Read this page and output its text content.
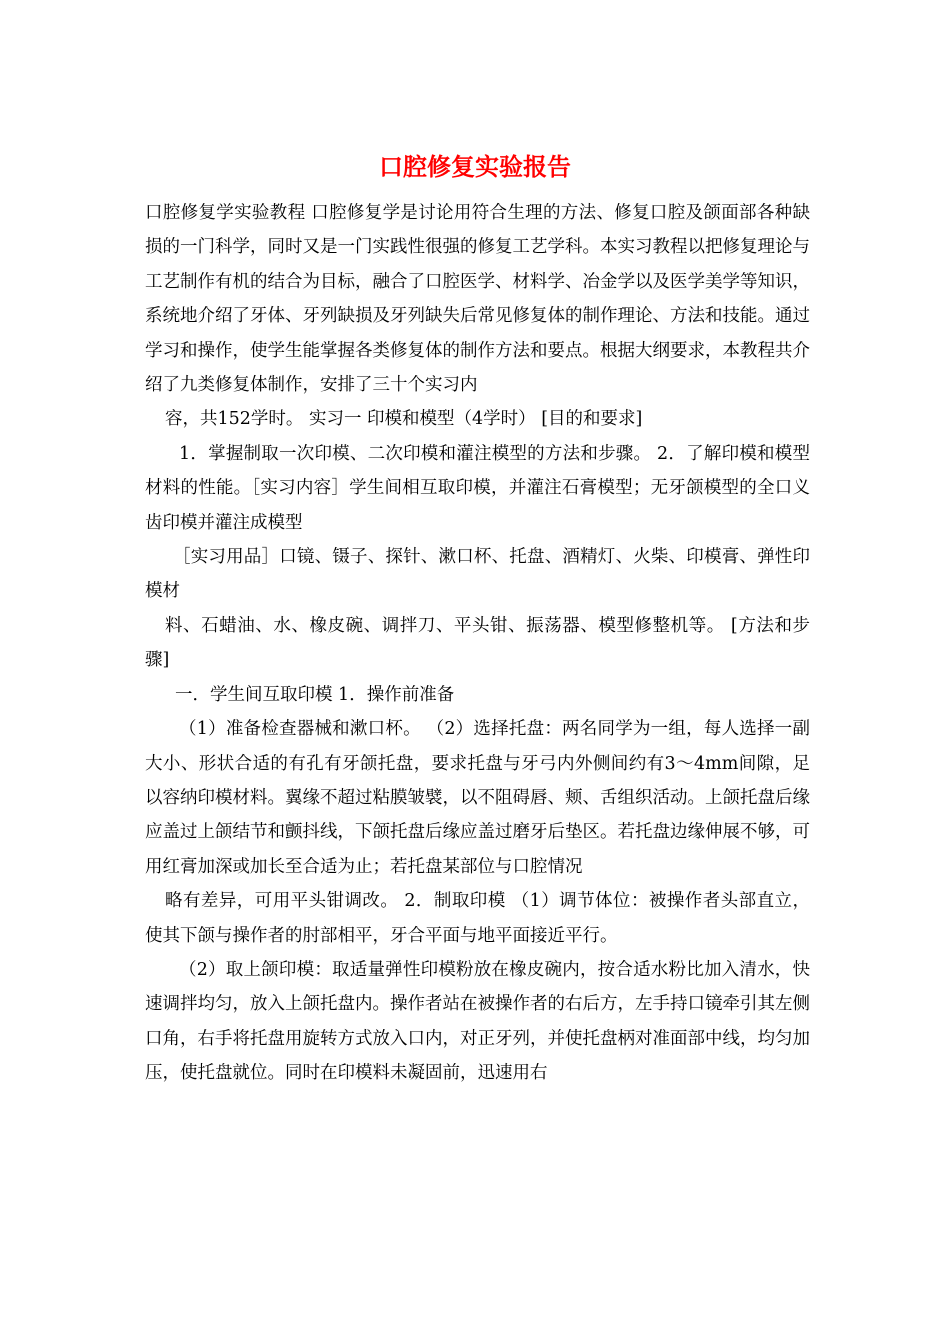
口腔修复实验报告

口腔修复学实验教程 口腔修复学是讨论用符合生理的方法、修复口腔及颌面部各种缺损的一门科学，同时又是一门实践性很强的修复工艺学科。本实习教程以把修复理论与工艺制作有机的结合为目标，融合了口腔医学、材料学、冶金学以及医学美学等知识，系统地介绍了牙体、牙列缺损及牙列缺失后常见修复体的制作理论、方法和技能。通过学习和操作，使学生能掌握各类修复体的制作方法和要点。根据大纲要求，本教程共介绍了九类修复体制作，安排了三十个实习内

容，共152学时。 实习一 印模和模型（4学时） [目的和要求]

1．掌握制取一次印模、二次印模和灌注模型的方法和步骤。 2．了解印模和模型材料的性能。［实习内容］学生间相互取印模，并灌注石膏模型；无牙颌模型的全口义齿印模并灌注成模型

［实习用品］口镜、镊子、探针、漱口杯、托盘、酒精灯、火柴、印模膏、弹性印模材

料、石蜡油、水、橡皮碗、调拌刀、平头钳、振荡器、模型修整机等。 [方法和步骤]

一．学生间互取印模 1．操作前准备

（1）准备检查器械和漱口杯。 （2）选择托盘：两名同学为一组，每人选择一副大小、形状合适的有孔有牙颌托盘，要求托盘与牙弓内外侧间约有3～4mm间隙，足以容纳印模材料。翼缘不超过粘膜皱襞，以不阻碍唇、颊、舌组织活动。上颌托盘后缘应盖过上颌结节和颤抖线，下颌托盘后缘应盖过磨牙后垫区。若托盘边缘伸展不够，可用红膏加深或加长至合适为止；若托盘某部位与口腔情况

略有差异，可用平头钳调改。 2．制取印模 （1）调节体位：被操作者头部直立，使其下颌与操作者的肘部相平，牙合平面与地平面接近平行。

（2）取上颌印模：取适量弹性印模粉放在橡皮碗内，按合适水粉比加入清水，快速调拌均匀，放入上颌托盘内。操作者站在被操作者的右后方，左手持口镜牵引其左侧口角，右手将托盘用旋转方式放入口内，对正牙列，并使托盘柄对准面部中线，均匀加压，使托盘就位。同时在印模料未凝固前，迅速用右
